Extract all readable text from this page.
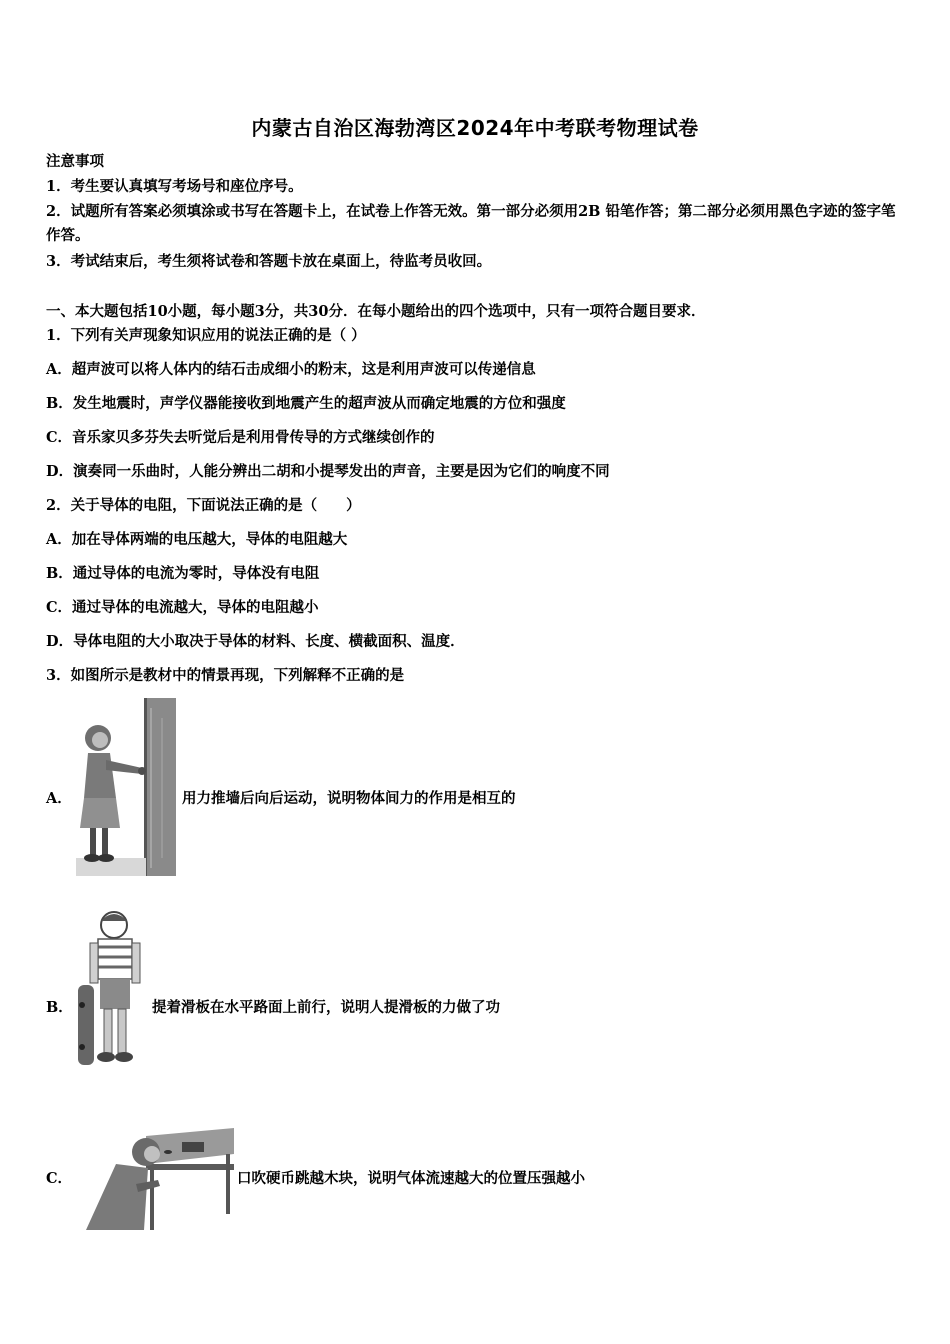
内蒙古自治区海勃湾区2024年中考联考物理试卷
注意事项
1．考生要认真填写考场号和座位序号。
2．试题所有答案必须填涂或书写在答题卡上，在试卷上作答无效。第一部分必须用2B 铅笔作答；第二部分必须用黑色字迹的签字笔作答。
3．考试结束后，考生须将试卷和答题卡放在桌面上，待监考员收回。
一、本大题包括10小题，每小题3分，共30分．在每小题给出的四个选项中，只有一项符合题目要求．
1．下列有关声现象知识应用的说法正确的是（ ）
A．超声波可以将人体内的结石击成细小的粉末，这是利用声波可以传递信息
B．发生地震时，声学仪器能接收到地震产生的超声波从而确定地震的方位和强度
C．音乐家贝多芬失去听觉后是利用骨传导的方式继续创作的
D．演奏同一乐曲时，人能分辨出二胡和小提琴发出的声音，主要是因为它们的响度不同
2．关于导体的电阻，下面说法正确的是（　　）
A．加在导体两端的电压越大，导体的电阻越大
B．通过导体的电流为零时，导体没有电阻
C．通过导体的电流越大，导体的电阻越小
D．导体电阻的大小取决于导体的材料、长度、横截面积、温度．
3．如图所示是教材中的情景再现，下列解释不正确的是
A．	用力推墙后向后运动，说明物体间力的作用是相互的
B．	提着滑板在水平路面上前行，说明人提滑板的力做了功
C．	口吹硬币跳越木块，说明气体流速越大的位置压强越小
